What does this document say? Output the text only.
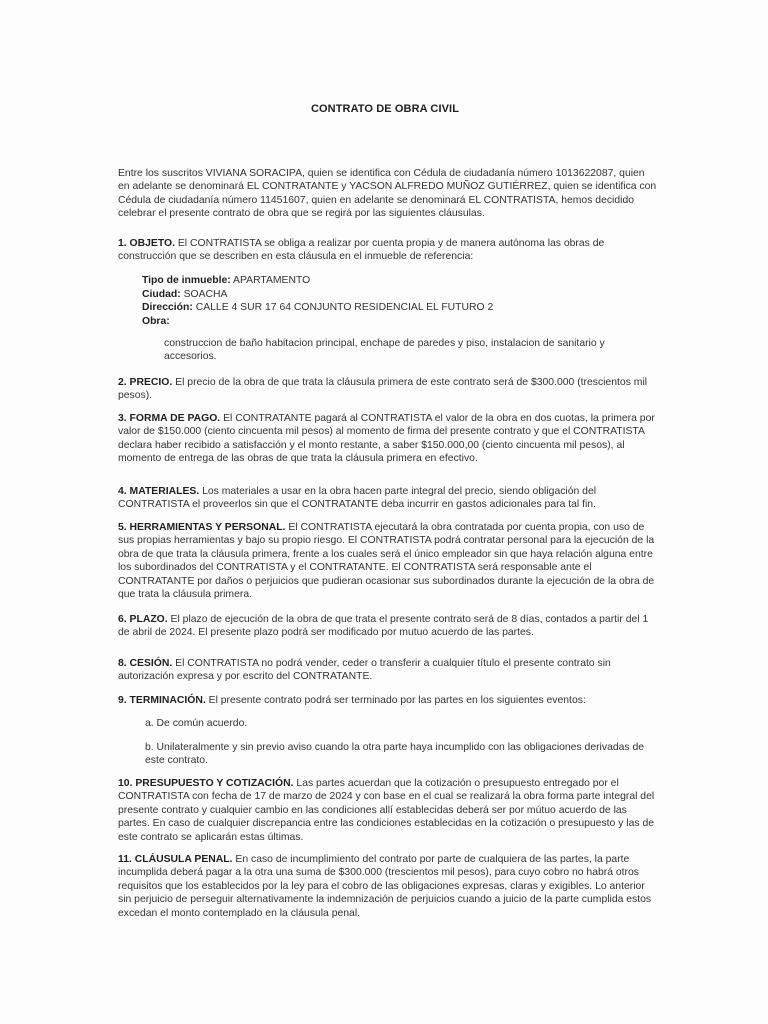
CONTRATO DE OBRA CIVIL
Entre los suscritos VIVIANA SORACIPA, quien se identifica con Cédula de ciudadanía número 1013622087, quien en adelante se denominará EL CONTRATANTE y YACSON ALFREDO MUÑOZ GUTIÉRREZ, quien se identifica con Cédula de ciudadanía número 11451607, quien en adelante se denominará EL CONTRATISTA, hemos decidido celebrar el presente contrato de obra que se regirá por las siguientes cláusulas.
1. OBJETO. El CONTRATISTA se obliga a realizar por cuenta propia y de manera autónoma las obras de construcción que se describen en esta cláusula en el inmueble de referencia:
Tipo de inmueble: APARTAMENTO
Ciudad: SOACHA
Dirección: CALLE 4 SUR 17 64 CONJUNTO RESIDENCIAL EL FUTURO 2
Obra:
construccion de baño habitacion principal, enchape de paredes y piso, instalacion de sanitario y accesorios.
2. PRECIO. El precio de la obra de que trata la cláusula primera de este contrato será de $300.000 (trescientos mil pesos).
3. FORMA DE PAGO. El CONTRATANTE pagará al CONTRATISTA el valor de la obra en dos cuotas, la primera por valor de $150.000 (ciento cincuenta mil pesos) al momento de firma del presente contrato y que el CONTRATISTA declara haber recibido a satisfacción y el monto restante, a saber $150.000,00 (ciento cincuenta mil pesos), al momento de entrega de las obras de que trata la cláusula primera en efectivo.
4. MATERIALES. Los materiales a usar en la obra hacen parte integral del precio, siendo obligación del CONTRATISTA el proveerlos sin que el CONTRATANTE deba incurrir en gastos adicionales para tal fin.
5. HERRAMIENTAS Y PERSONAL. El CONTRATISTA ejecutará la obra contratada por cuenta propia, con uso de sus propias herramientas y bajo su propio riesgo. El CONTRATISTA podrá contratar personal para la ejecución de la obra de que trata la cláusula primera, frente a los cuales será el único empleador sin que haya relación alguna entre los subordinados del CONTRATISTA y el CONTRATANTE. El CONTRATISTA será responsable ante el CONTRATANTE por daños o perjuicios que pudieran ocasionar sus subordinados durante la ejecución de la obra de que trata la cláusula primera.
6. PLAZO. El plazo de ejecución de la obra de que trata el presente contrato será de 8 días, contados a partir del 1 de abril de 2024. El presente plazo podrá ser modificado por mutuo acuerdo de las partes.
8. CESIÓN. El CONTRATISTA no podrá vender, ceder o transferir a cualquier título el presente contrato sin autorización expresa y por escrito del CONTRATANTE.
9. TERMINACIÓN. El presente contrato podrá ser terminado por las partes en los siguientes eventos:
a. De común acuerdo.
b. Unilateralmente y sin previo aviso cuando la otra parte haya incumplido con las obligaciones derivadas de este contrato.
10. PRESUPUESTO Y COTIZACIÓN. Las partes acuerdan que la cotización o presupuesto entregado por el CONTRATISTA con fecha de 17 de marzo de 2024 y con base en el cual se realizará la obra forma parte integral del presente contrato y cualquier cambio en las condiciones allí establecidas deberá ser por mútuo acuerdo de las partes. En caso de cualquier discrepancia entre las condiciones establecidas en la cotización o presupuesto y las de este contrato se aplicarán estas últimas.
11. CLÁUSULA PENAL. En caso de incumplimiento del contrato por parte de cualquiera de las partes, la parte incumplida deberá pagar a la otra una suma de $300.000 (trescientos mil pesos), para cuyo cobro no habrá otros requisitos que los establecidos por la ley para el cobro de las obligaciones expresas, claras y exigibles. Lo anterior sin perjuicio de perseguir alternativamente la indemnización de perjuicios cuando a juicio de la parte cumplida estos excedan el monto contemplado en la cláusula penal.
